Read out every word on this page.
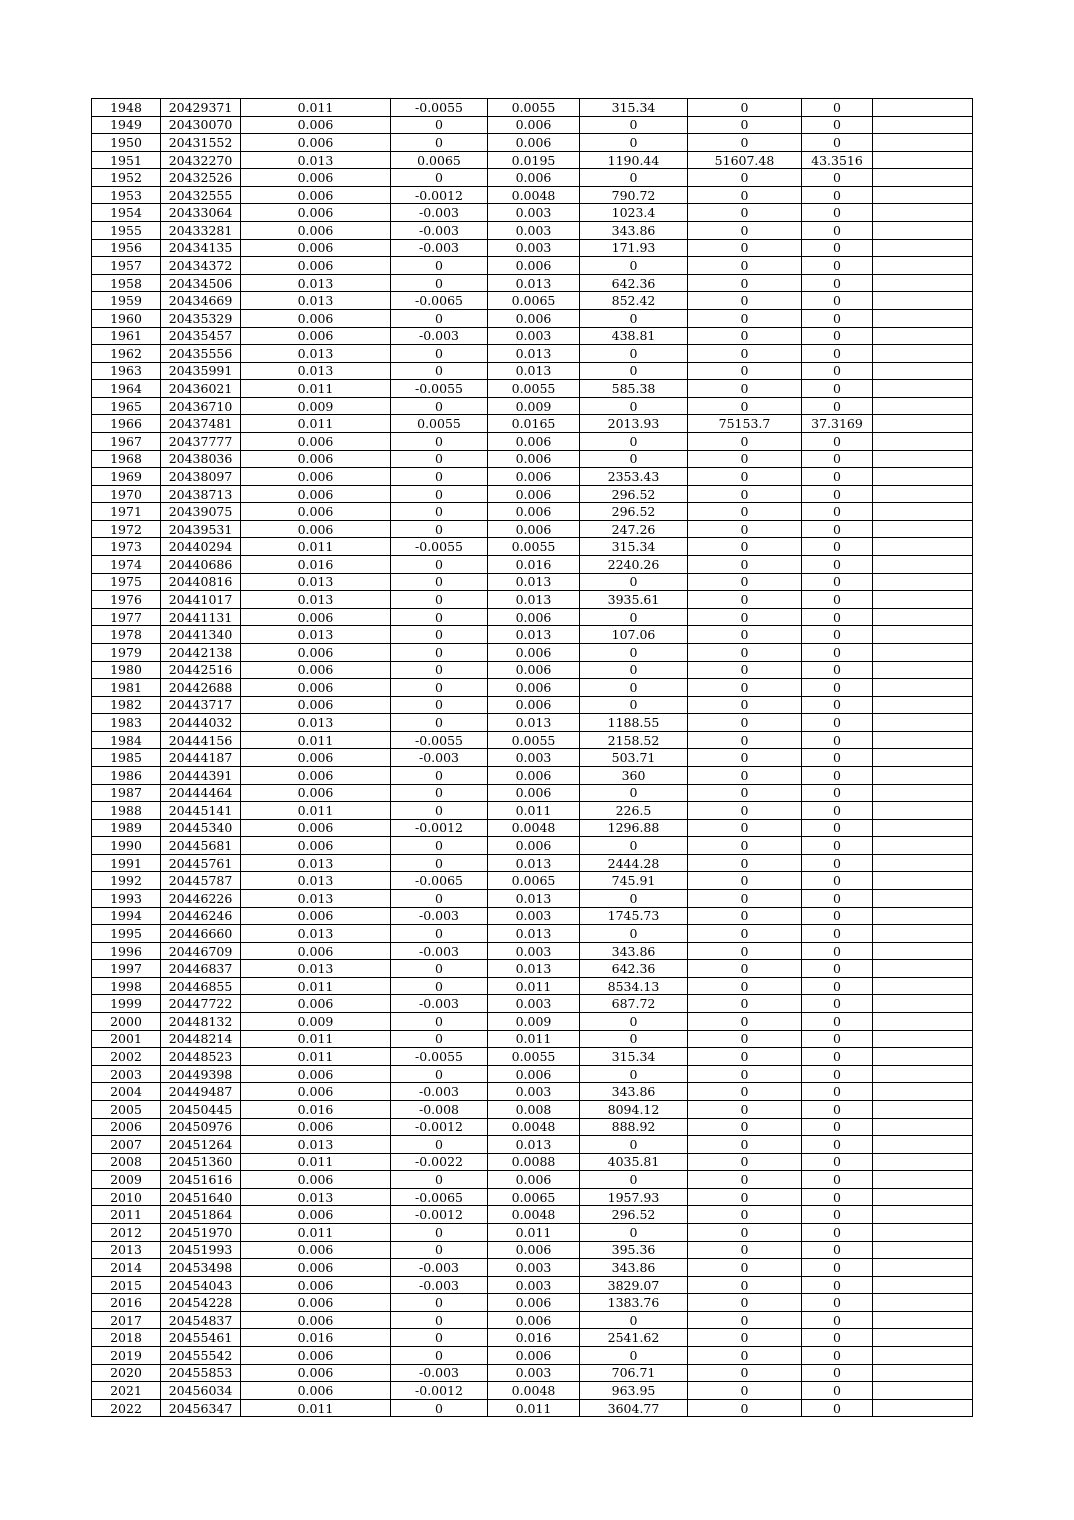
1948	20429371	0.011	-0.0055	0.0055	315.34	0	0	
1949	20430070	0.006	0	0.006	0	0	0	
1950	20431552	0.006	0	0.006	0	0	0	
1951	20432270	0.013	0.0065	0.0195	1190.44	51607.48	43.3516	
1952	20432526	0.006	0	0.006	0	0	0	
1953	20432555	0.006	-0.0012	0.0048	790.72	0	0	
1954	20433064	0.006	-0.003	0.003	1023.4	0	0	
1955	20433281	0.006	-0.003	0.003	343.86	0	0	
1956	20434135	0.006	-0.003	0.003	171.93	0	0	
1957	20434372	0.006	0	0.006	0	0	0	
1958	20434506	0.013	0	0.013	642.36	0	0	
1959	20434669	0.013	-0.0065	0.0065	852.42	0	0	
1960	20435329	0.006	0	0.006	0	0	0	
1961	20435457	0.006	-0.003	0.003	438.81	0	0	
1962	20435556	0.013	0	0.013	0	0	0	
1963	20435991	0.013	0	0.013	0	0	0	
1964	20436021	0.011	-0.0055	0.0055	585.38	0	0	
1965	20436710	0.009	0	0.009	0	0	0	
1966	20437481	0.011	0.0055	0.0165	2013.93	75153.7	37.3169	
1967	20437777	0.006	0	0.006	0	0	0	
1968	20438036	0.006	0	0.006	0	0	0	
1969	20438097	0.006	0	0.006	2353.43	0	0	
1970	20438713	0.006	0	0.006	296.52	0	0	
1971	20439075	0.006	0	0.006	296.52	0	0	
1972	20439531	0.006	0	0.006	247.26	0	0	
1973	20440294	0.011	-0.0055	0.0055	315.34	0	0	
1974	20440686	0.016	0	0.016	2240.26	0	0	
1975	20440816	0.013	0	0.013	0	0	0	
1976	20441017	0.013	0	0.013	3935.61	0	0	
1977	20441131	0.006	0	0.006	0	0	0	
1978	20441340	0.013	0	0.013	107.06	0	0	
1979	20442138	0.006	0	0.006	0	0	0	
1980	20442516	0.006	0	0.006	0	0	0	
1981	20442688	0.006	0	0.006	0	0	0	
1982	20443717	0.006	0	0.006	0	0	0	
1983	20444032	0.013	0	0.013	1188.55	0	0	
1984	20444156	0.011	-0.0055	0.0055	2158.52	0	0	
1985	20444187	0.006	-0.003	0.003	503.71	0	0	
1986	20444391	0.006	0	0.006	360	0	0	
1987	20444464	0.006	0	0.006	0	0	0	
1988	20445141	0.011	0	0.011	226.5	0	0	
1989	20445340	0.006	-0.0012	0.0048	1296.88	0	0	
1990	20445681	0.006	0	0.006	0	0	0	
1991	20445761	0.013	0	0.013	2444.28	0	0	
1992	20445787	0.013	-0.0065	0.0065	745.91	0	0	
1993	20446226	0.013	0	0.013	0	0	0	
1994	20446246	0.006	-0.003	0.003	1745.73	0	0	
1995	20446660	0.013	0	0.013	0	0	0	
1996	20446709	0.006	-0.003	0.003	343.86	0	0	
1997	20446837	0.013	0	0.013	642.36	0	0	
1998	20446855	0.011	0	0.011	8534.13	0	0	
1999	20447722	0.006	-0.003	0.003	687.72	0	0	
2000	20448132	0.009	0	0.009	0	0	0	
2001	20448214	0.011	0	0.011	0	0	0	
2002	20448523	0.011	-0.0055	0.0055	315.34	0	0	
2003	20449398	0.006	0	0.006	0	0	0	
2004	20449487	0.006	-0.003	0.003	343.86	0	0	
2005	20450445	0.016	-0.008	0.008	8094.12	0	0	
2006	20450976	0.006	-0.0012	0.0048	888.92	0	0	
2007	20451264	0.013	0	0.013	0	0	0	
2008	20451360	0.011	-0.0022	0.0088	4035.81	0	0	
2009	20451616	0.006	0	0.006	0	0	0	
2010	20451640	0.013	-0.0065	0.0065	1957.93	0	0	
2011	20451864	0.006	-0.0012	0.0048	296.52	0	0	
2012	20451970	0.011	0	0.011	0	0	0	
2013	20451993	0.006	0	0.006	395.36	0	0	
2014	20453498	0.006	-0.003	0.003	343.86	0	0	
2015	20454043	0.006	-0.003	0.003	3829.07	0	0	
2016	20454228	0.006	0	0.006	1383.76	0	0	
2017	20454837	0.006	0	0.006	0	0	0	
2018	20455461	0.016	0	0.016	2541.62	0	0	
2019	20455542	0.006	0	0.006	0	0	0	
2020	20455853	0.006	-0.003	0.003	706.71	0	0	
2021	20456034	0.006	-0.0012	0.0048	963.95	0	0	
2022	20456347	0.011	0	0.011	3604.77	0	0	
